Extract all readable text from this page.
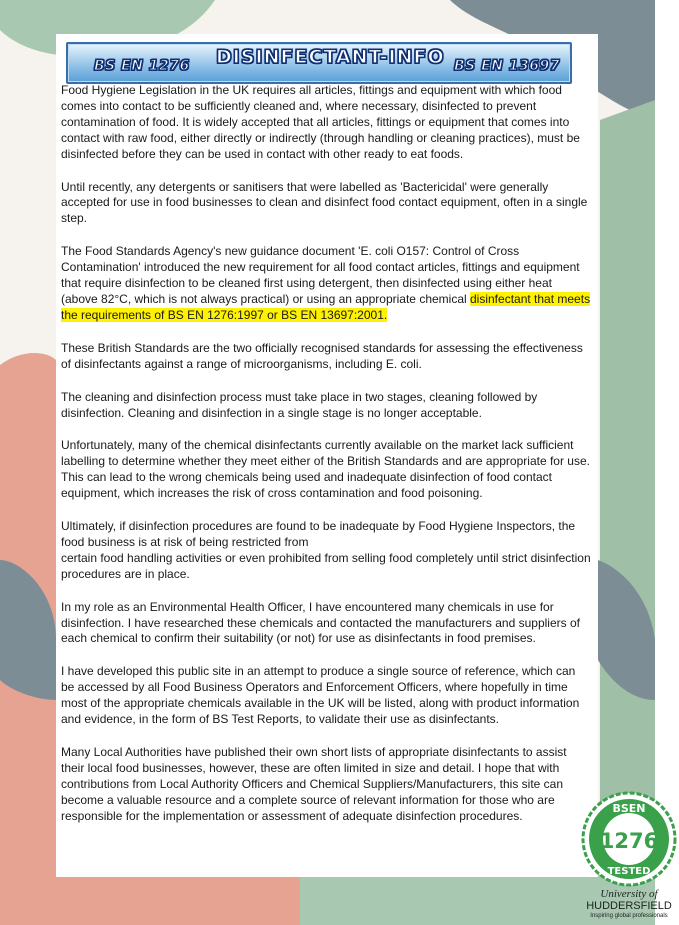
BS EN 1276 DISINFECTANT-INFO BS EN 13697

Food Hygiene Legislation in the UK requires all articles, fittings and equipment with which food comes into contact to be sufficiently cleaned and, where necessary, disinfected to prevent contamination of food. It is widely accepted that all articles, fittings or equipment that comes into contact with raw food, either directly or indirectly (through handling or cleaning practices), must be disinfected before they can be used in contact with other ready to eat foods.

Until recently, any detergents or sanitisers that were labelled as 'Bactericidal' were generally accepted for use in food businesses to clean and disinfect food contact equipment, often in a single step.

The Food Standards Agency's new guidance document 'E. coli O157: Control of Cross Contamination' introduced the new requirement for all food contact articles, fittings and equipment that require disinfection to be cleaned first using detergent, then disinfected using either heat (above 82°C, which is not always practical) or using an appropriate chemical disinfectant that meets the requirements of BS EN 1276:1997 or BS EN 13697:2001.

These British Standards are the two officially recognised standards for assessing the effectiveness of disinfectants against a range of microorganisms, including E. coli.

The cleaning and disinfection process must take place in two stages, cleaning followed by disinfection. Cleaning and disinfection in a single stage is no longer acceptable.

Unfortunately, many of the chemical disinfectants currently available on the market lack sufficient labelling to determine whether they meet either of the British Standards and are appropriate for use. This can lead to the wrong chemicals being used and inadequate disinfection of food contact equipment, which increases the risk of cross contamination and food poisoning.

Ultimately, if disinfection procedures are found to be inadequate by Food Hygiene Inspectors, the food business is at risk of being restricted from
certain food handling activities or even prohibited from selling food completely until strict disinfection procedures are in place.

In my role as an Environmental Health Officer, I have encountered many chemicals in use for disinfection. I have researched these chemicals and contacted the manufacturers and suppliers of each chemical to confirm their suitability (or not) for use as disinfectants in food premises.

I have developed this public site in an attempt to produce a single source of reference, which can be accessed by all Food Business Operators and Enforcement Officers, where hopefully in time most of the appropriate chemicals available in the UK will be listed, along with product information and evidence, in the form of BS Test Reports, to validate their use as disinfectants.

Many Local Authorities have published their own short lists of appropriate disinfectants to assist their local food businesses, however, these are often limited in size and detail. I hope that with contributions from Local Authority Officers and Chemical Suppliers/Manufacturers, this site can become a valuable resource and a complete source of relevant information for those who are responsible for the implementation or assessment of adequate disinfection procedures.

BSEN
1276
TESTED
University of
HUDDERSFIELD
Inspiring global professionals
